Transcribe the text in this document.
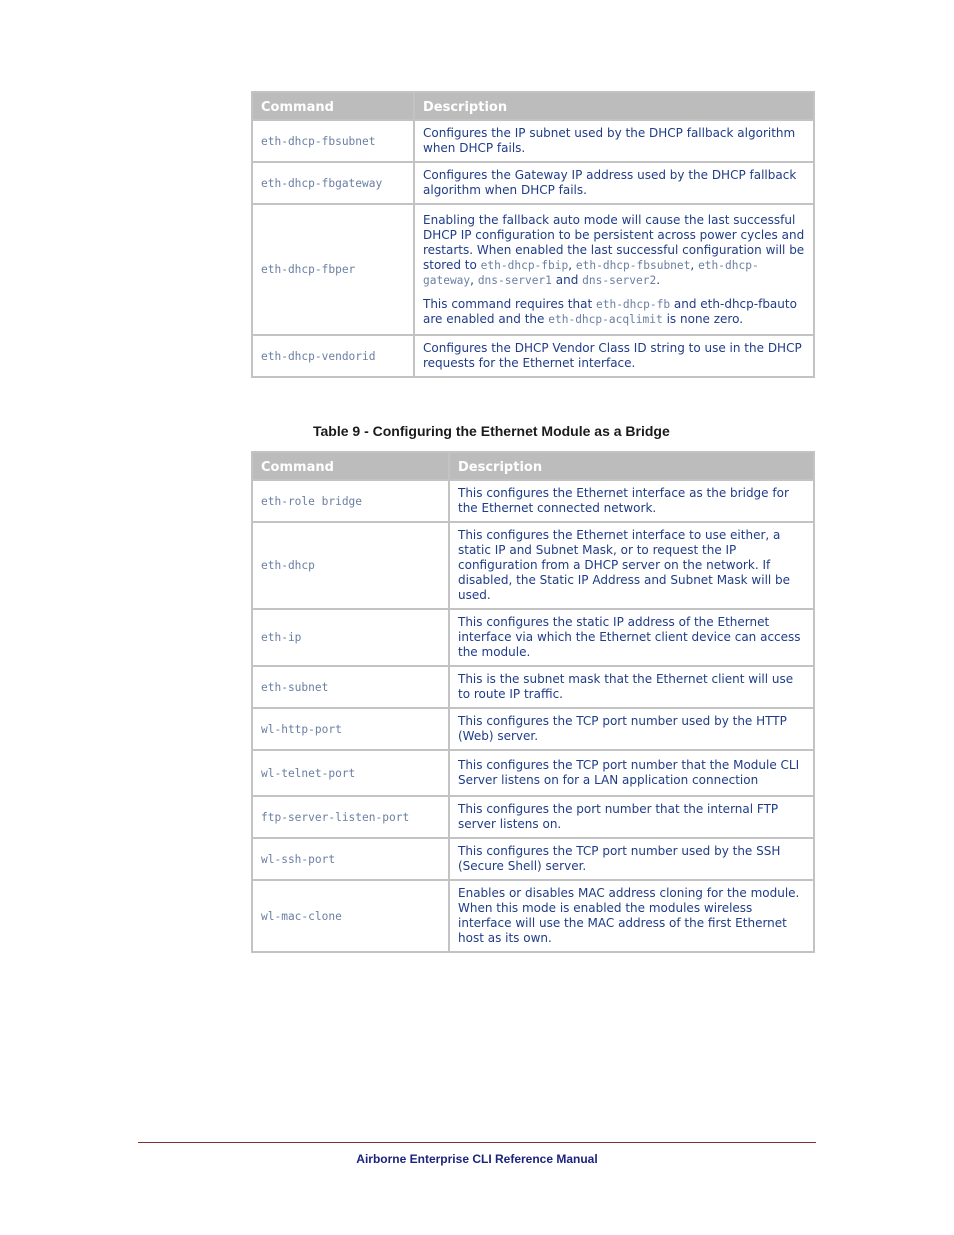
Command	Description
eth-dhcp-fbsubnet	Configures the IP subnet used by the DHCP fallback algorithm when DHCP fails.
eth-dhcp-fbgateway	Configures the Gateway IP address used by the DHCP fallback algorithm when DHCP fails.
eth-dhcp-fbper	Enabling the fallback auto mode will cause the last successful DHCP IP configuration to be persistent across power cycles and restarts. When enabled the last successful configuration will be stored to eth-dhcp-fbip, eth-dhcp-fbsubnet, eth-dhcp-gateway, dns-server1 and dns-server2.

This command requires that eth-dhcp-fb and eth-dhcp-fbauto are enabled and the eth-dhcp-acqlimit is none zero.

eth-dhcp-vendorid	Configures the DHCP Vendor Class ID string to use in the DHCP requests for the Ethernet interface.
Table 9 - Configuring the Ethernet Module as a Bridge
Command	Description
eth-role bridge	This configures the Ethernet interface as the bridge for the Ethernet connected network.
eth-dhcp	This configures the Ethernet interface to use either, a static IP and Subnet Mask, or to request the IP configuration from a DHCP server on the network. If disabled, the Static IP Address and Subnet Mask will be used.
eth-ip	This configures the static IP address of the Ethernet interface via which the Ethernet client device can access the module.
eth-subnet	This is the subnet mask that the Ethernet client will use to route IP traffic.
wl-http-port	This configures the TCP port number used by the HTTP (Web) server.
wl-telnet-port	This configures the TCP port number that the Module CLI Server listens on for a LAN application connection
ftp-server-listen-port	This configures the port number that the internal FTP server listens on.
wl-ssh-port	This configures the TCP port number used by the SSH (Secure Shell) server.
wl-mac-clone	Enables or disables MAC address cloning for the module. When this mode is enabled the modules wireless interface will use the MAC address of the first Ethernet host as its own.
Airborne Enterprise CLI Reference Manual
